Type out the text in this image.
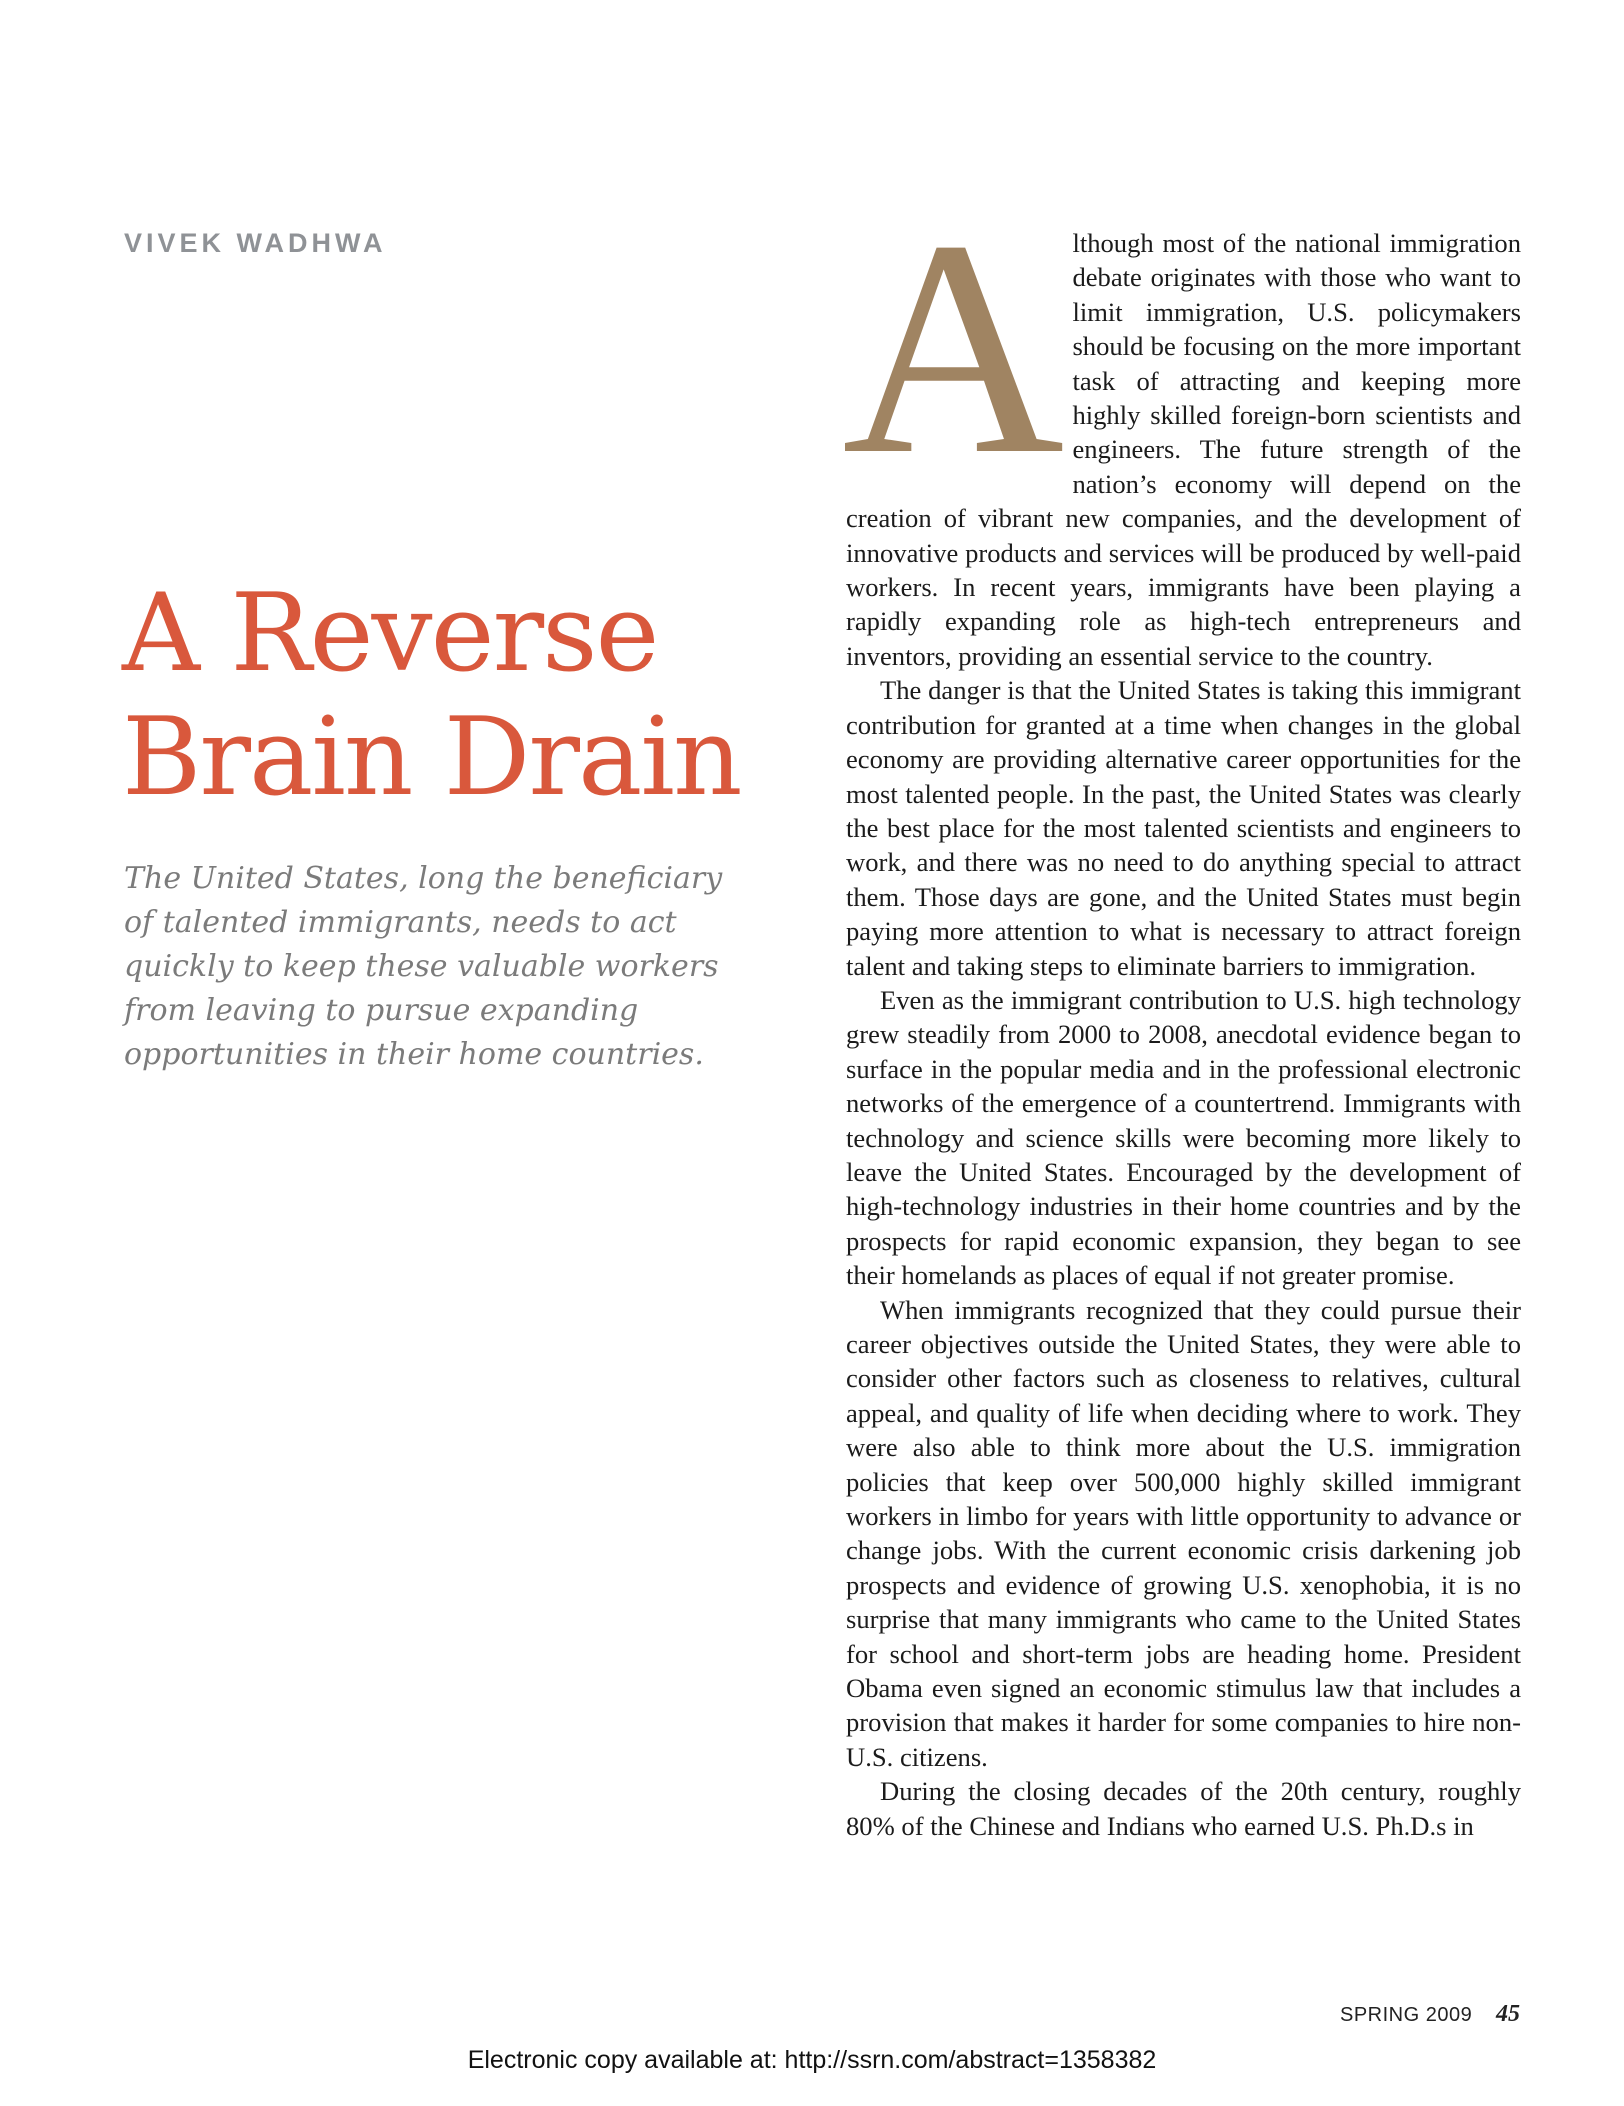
VIVEK WADHWA
A Reverse
Brain Drain
The United States, long the beneficiary of talented immigrants, needs to act quickly to keep these valuable workers from leaving to pursue expanding opportunities in their home countries.
A lthough most of the national immigration debate originates with those who want to limit immigration, U.S. policymakers should be focusing on the more important task of attracting and keeping more highly skilled foreign-born scientists and engineers. The future strength of the nation’s economy will depend on the creation of vibrant new companies, and the development of innovative products and services will be produced by well-paid workers. In recent years, immigrants have been playing a rapidly expanding role as high-tech entrepreneurs and inventors, providing an essential service to the country.

The danger is that the United States is taking this immigrant contribution for granted at a time when changes in the global economy are providing alternative career opportunities for the most talented people. In the past, the United States was clearly the best place for the most talented scientists and engineers to work, and there was no need to do anything special to attract them. Those days are gone, and the United States must begin paying more attention to what is necessary to attract foreign talent and taking steps to eliminate barriers to immigration.

Even as the immigrant contribution to U.S. high technology grew steadily from 2000 to 2008, anecdotal evidence began to surface in the popular media and in the professional electronic networks of the emergence of a countertrend. Immigrants with technology and science skills were becoming more likely to leave the United States. Encouraged by the development of high-technology industries in their home countries and by the prospects for rapid economic expansion, they began to see their homelands as places of equal if not greater promise.

When immigrants recognized that they could pursue their career objectives outside the United States, they were able to consider other factors such as closeness to relatives, cultural appeal, and quality of life when deciding where to work. They were also able to think more about the U.S. immigration policies that keep over 500,000 highly skilled immigrant workers in limbo for years with little opportunity to advance or change jobs. With the current economic crisis darkening job prospects and evidence of growing U.S. xenophobia, it is no surprise that many immigrants who came to the United States for school and short-term jobs are heading home. President Obama even signed an economic stimulus law that includes a provision that makes it harder for some companies to hire non-U.S. citizens.

During the closing decades of the 20th century, roughly 80% of the Chinese and Indians who earned U.S. Ph.D.s in

SPRING 2009 45
Electronic copy available at: http://ssrn.com/abstract=1358382
